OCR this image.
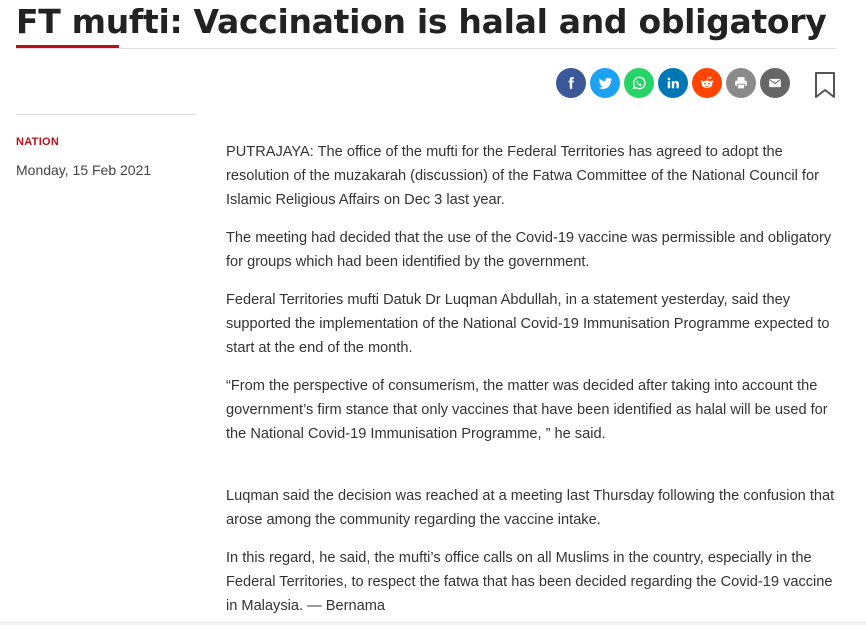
FT mufti: Vaccination is halal and obligatory
NATION
Monday, 15 Feb 2021

PUTRAJAYA: The office of the mufti for the Federal Territories has agreed to adopt the resolution of the muzakarah (discussion) of the Fatwa Committee of the National Council for Islamic Religious Affairs on Dec 3 last year.

The meeting had decided that the use of the Covid-19 vaccine was permissible and obligatory for groups which had been identified by the government.

Federal Territories mufti Datuk Dr Luqman Abdullah, in a statement yesterday, said they supported the implementation of the National Covid-19 Immunisation Programme expected to start at the end of the month.

“From the perspective of consumerism, the matter was decided after taking into account the government’s firm stance that only vaccines that have been identified as halal will be used for the National Covid-19 Immunisation Programme, ” he said.

Luqman said the decision was reached at a meeting last Thursday following the confusion that arose among the community regarding the vaccine intake.

In this regard, he said, the mufti’s office calls on all Muslims in the country, especially in the Federal Territories, to respect the fatwa that has been decided regarding the Covid-19 vaccine in Malaysia. — Bernama
